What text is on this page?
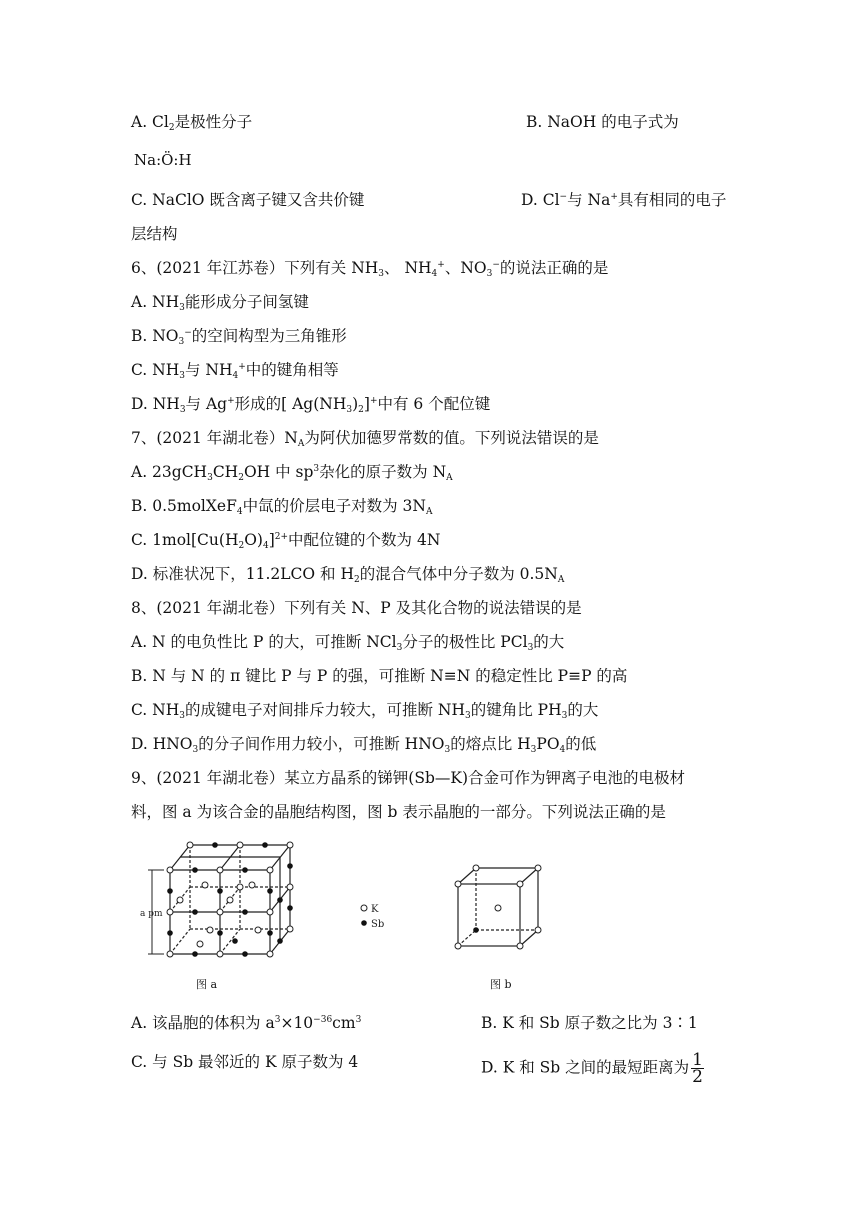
A. $Cl_2$是极性分子	B. NaOH 的电子式为
Na:Ö:H
C. NaClO 既含离子键又含共价键	D. Cl−与 Na+具有相同的电子
层结构
6、(2021 年江苏卷）下列有关 $NH_3$、 $NH_4^+$、$NO_3^-$的说法正确的是
A. $NH_3$能形成分子间氢键
B. $NO_3^-$的空间构型为三角锥形
C. $NH_3$与 $NH_4^+$中的键角相等
D. $NH_3$与 Ag+形成的[ $Ag(NH_3)_2]^+$中有 6 个配位键
7、(2021 年湖北卷）$N_A$为阿伏加德罗常数的值。下列说法错误的是
A. $23gCH_3CH_2OH$ 中 $sp^3$杂化的原子数为 $N_A$
B. 0.5molXeF$_4$中氙的价层电子对数为 $3N_A$
C. $1mol[Cu(H_2O)_4]^{2+}$中配位键的个数为 4N
D. 标准状况下，11.2LCO 和 $H_2$的混合气体中分子数为 $0.5N_A$
8、(2021 年湖北卷）下列有关 N、P 及其化合物的说法错误的是
A. N 的电负性比 P 的大，可推断 NCl$_3$分子的极性比 PCl$_3$的大
B. N 与 N 的 π 键比 P 与 P 的强，可推断 N≡N 的稳定性比 P≡P 的高
C. $NH_3$的成键电子对间排斥力较大，可推断 $NH_3$的键角比 $PH_3$的大
D. $HNO_3$的分子间作用力较小，可推断 $HNO_3$的熔点比 $H_3PO_4$的低
9、(2021 年湖北卷）某立方晶系的锑钾(Sb—K)合金可作为钾离子电池的电极材
料，图 a 为该合金的晶胞结构图，图 b 表示晶胞的一部分。下列说法正确的是
a pm
图 a
K
Sb
图 b
A. 该晶胞的体积为 $a^3\times 10^{-36}cm^3$	B. K 和 Sb 原子数之比为 3∶1
C. 与 Sb 最邻近的 K 原子数为 4	D. K 和 Sb 之间的最短距离为 $\frac{1}{2}$
